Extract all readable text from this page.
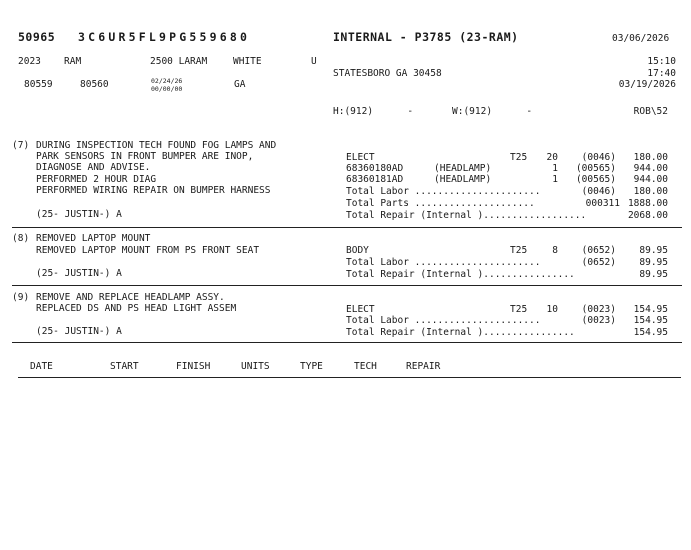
50965 3C6UR5FL9PG559680	INTERNAL - P3785 (23-RAM)	03/06/2026
2023 RAM	2500 LARAM	WHITE	U	15:10
STATESBORO GA 30458	17:40
80559	80560	02/24/26
00/00/00	GA	03/19/2026
H:(912)      -	W:(912)      -	ROB\52
(7) DURING INSPECTION TECH FOUND FOG LAMPS AND
PARK SENSORS IN FRONT BUMPER ARE INOP,
DIAGNOSE AND ADVISE.
PERFORMED 2 HOUR DIAG
PERFORMED WIRING REPAIR ON BUMPER HARNESS
(25- JUSTIN-) A
ELECT	T25	20	(0046)	180.00
68360180AD	(HEADLAMP)	1	(00565)	944.00
68360181AD	(HEADLAMP)	1	(00565)	944.00
Total Labor ......................	(0046)	180.00
Total Parts .....................	000311 1888.00
Total Repair (Internal )..................	2068.00
(8) REMOVED LAPTOP MOUNT
REMOVED LAPTOP MOUNT FROM PS FRONT SEAT
(25- JUSTIN-) A
BODY	T25	8	(0652)	89.95
Total Labor ......................	(0652)	89.95
Total Repair (Internal )................	89.95
(9) REMOVE AND REPLACE HEADLAMP ASSY.
REPLACED DS AND PS HEAD LIGHT ASSEM
(25- JUSTIN-) A
ELECT	T25	10	(0023)	154.95
Total Labor ......................	(0023)	154.95
Total Repair (Internal )................	154.95
DATE	START	FINISH	UNITS	TYPE	TECH	REPAIR
